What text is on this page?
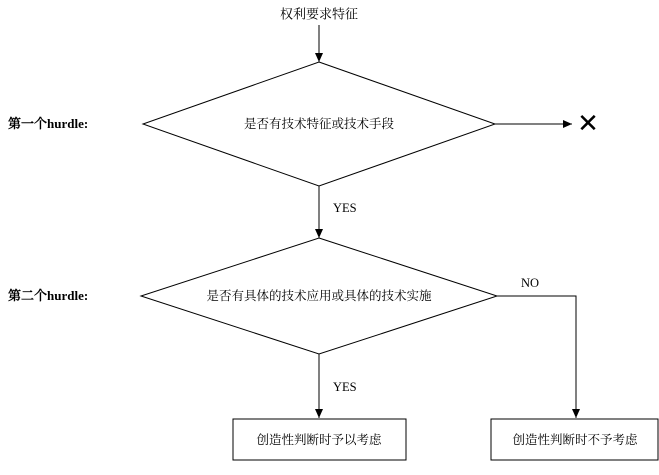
权利要求特征
第一个hurdle:
第二个hurdle:
是否有技术特征或技术手段
是否有具体的技术应用或具体的技术实施
YES
YES
NO
✕
创造性判断时予以考虑	创造性判断时不予考虑
